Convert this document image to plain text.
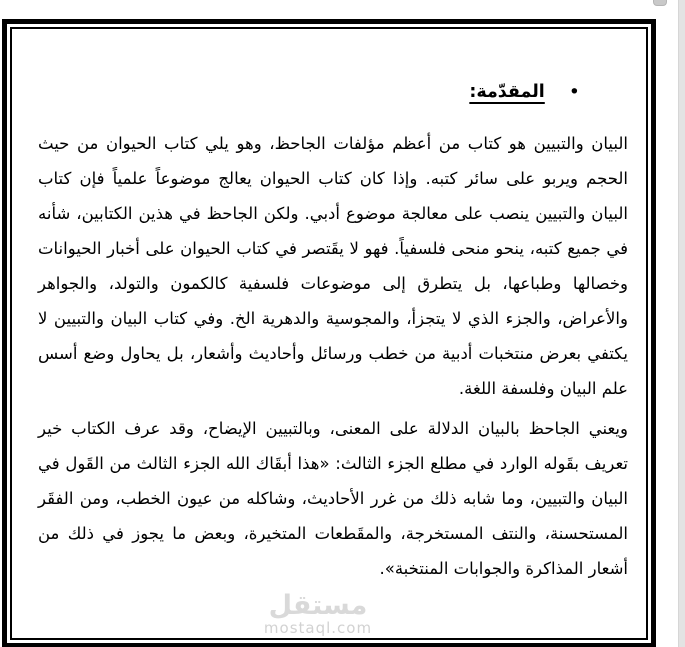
•
المقدّمة:

البيان والتبيين هو كتاب من أعظم مؤلفات الجاحظ، وهو يلي كتاب الحيوان من حيث الحجم ويربو على سائر كتبه. وإذا كان كتاب الحيوان يعالج موضوعاً علمياً فإن كتاب البيان والتبيين ينصب على معالجة موضوع أدبي. ولكن الجاحظ في هذين الكتابين، شأنه في جميع كتبه، ينحو منحى فلسفياً. فهو لا يقَتصر في كتاب الحيوان على أخبار الحيوانات وخصالها وطباعها، بل يتطرق إلى موضوعات فلسفية كالكمون والتولد، والجواهر والأعراض، والجزء الذي لا يتجزأ، والمجوسية والدهرية الخ. وفي كتاب البيان والتبيين لا يكتفي بعرض منتخبات أدبية من خطب ورسائل وأحاديث وأشعار، بل يحاول وضع أسس علم البيان وفلسفة اللغة.

ويعني الجاحظ بالبيان الدلالة على المعنى، وبالتبيين الإيضاح، وقد عرف الكتاب خير تعريف بقَوله الوارد في مطلع الجزء الثالث: «هذا أبقَاك الله الجزء الثالث من القَول في البيان والتبيين، وما شابه ذلك من غرر الأحاديث، وشاكله من عيون الخطب، ومن الفقَر المستحسنة، والنتف المستخرجة، والمقَطعات المتخيرة، وبعض ما يجوز في ذلك من أشعار المذاكرة والجوابات المنتخبة».

مستقل
mostaql.com
